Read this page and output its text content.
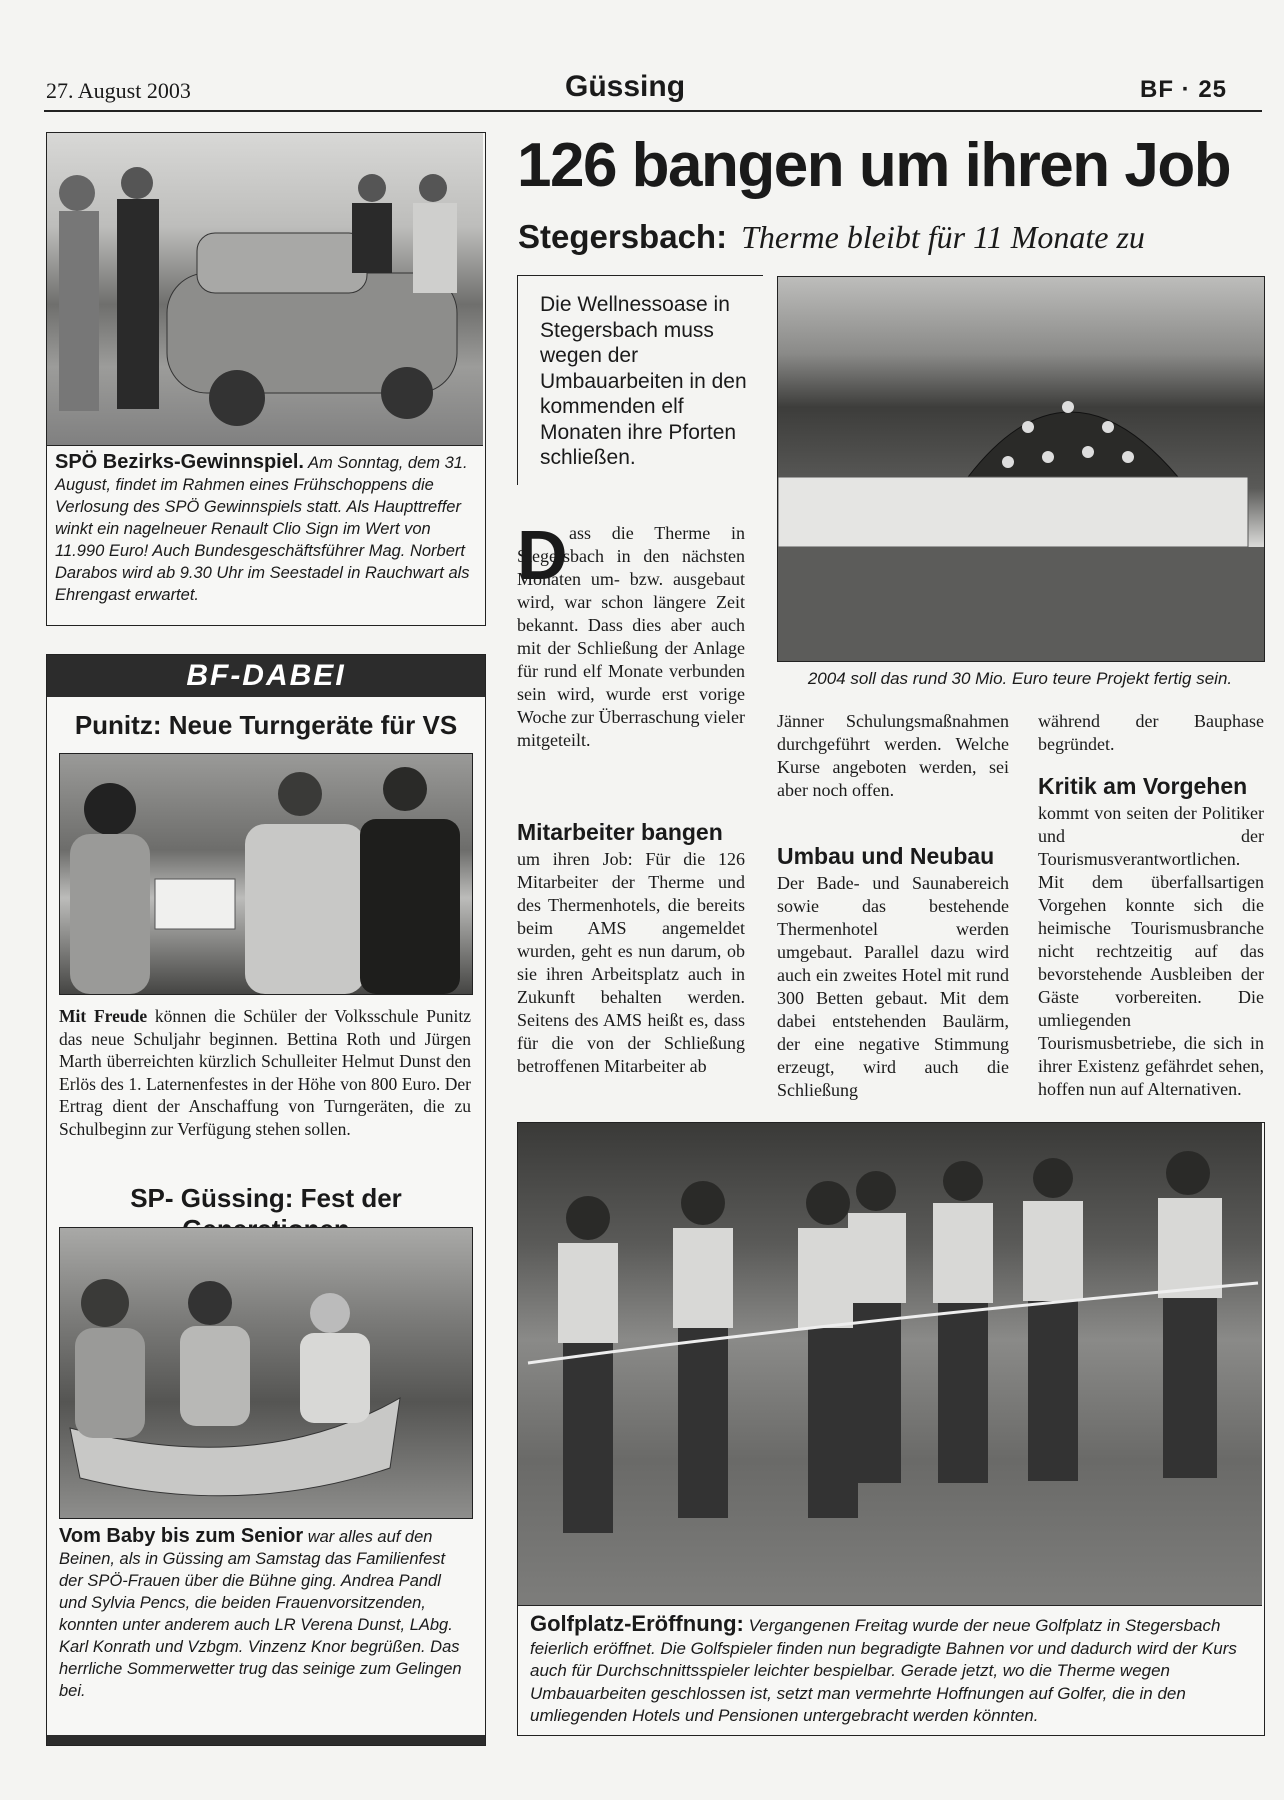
27. August 2003	Güssing	BF · 25

SPÖ Bezirks-Gewinnspiel. Am Sonntag, dem 31. August, findet im Rahmen eines Frühschoppens die Verlosung des SPÖ Gewinnspiels statt. Als Haupttreffer winkt ein nagelneuer Renault Clio Sign im Wert von 11.990 Euro! Auch Bundesgeschäftsführer Mag. Norbert Darabos wird ab 9.30 Uhr im Seestadel in Rauchwart als Ehrengast erwartet.

BF-DABEI
Punitz: Neue Turngeräte für VS

Mit Freude können die Schüler der Volksschule Punitz das neue Schuljahr beginnen. Bettina Roth und Jürgen Marth überreichten kürzlich Schulleiter Helmut Dunst den Erlös des 1. Laternenfestes in der Höhe von 800 Euro. Der Ertrag dient der Anschaffung von Turngeräten, die zu Schulbeginn zur Verfügung stehen sollen.

SP- Güssing: Fest der

Vom Baby bis zum Senior war alles auf den Beinen, als in Güssing am Samstag das Familienfest der SPÖ-Frauen über die Bühne ging. Andrea Pandl und Sylvia Pencs, die beiden Frauenvorsitzenden, konnten unter anderem auch LR Verena Dunst, LAbg. Karl Konrath und Vzbgm. Vinzenz Knor begrüßen. Das herrliche Sommerwetter trug das seinige zum Gelingen bei.

126 bangen um ihren Job
Stegersbach: Therme bleibt für 11 Monate zu

Die Wellnessoase in Stegersbach muss wegen der Umbauarbeiten in den kommenden elf Monaten ihre Pforten schließen.

2004 soll das rund 30 Mio. Euro teure Projekt fertig sein.

D ass die Therme in Stegersbach in den nächsten Monaten um- bzw. ausgebaut wird, war schon längere Zeit bekannt. Dass dies aber auch mit der Schließung der Anlage für rund elf Monate verbunden sein wird, wurde erst vorige Woche zur Überraschung vieler mitgeteilt.

Mitarbeiter bangen

um ihren Job: Für die 126 Mitarbeiter der Therme und des Thermenhotels, die bereits beim AMS angemeldet wurden, geht es nun darum, ob sie ihren Arbeitsplatz auch in Zukunft behalten werden. Seitens des AMS heißt es, dass für die von der Schließung betroffenen Mitarbeiter ab

Jänner Schulungsmaßnahmen durchgeführt werden. Welche Kurse angeboten werden, sei aber noch offen.

Umbau und Neubau

Der Bade- und Saunabereich sowie das bestehende Thermenhotel werden umgebaut. Parallel dazu wird auch ein zweites Hotel mit rund 300 Betten gebaut. Mit dem dabei entstehenden Baulärm, der eine negative Stimmung erzeugt, wird auch die Schließung

während der Bauphase begründet.

Kritik am Vorgehen

kommt von seiten der Politiker und der Tourismusverantwortlichen. Mit dem überfallsartigen Vorgehen konnte sich die heimische Tourismusbranche nicht rechtzeitig auf das bevorstehende Ausbleiben der Gäste vorbereiten. Die umliegenden Tourismusbetriebe, die sich in ihrer Existenz gefährdet sehen, hoffen nun auf Alternativen.

Golfplatz-Eröffnung: Vergangenen Freitag wurde der neue Golfplatz in Stegersbach feierlich eröffnet. Die Golfspieler finden nun begradigte Bahnen vor und dadurch wird der Kurs auch für Durchschnittsspieler leichter bespielbar. Gerade jetzt, wo die Therme wegen Umbauarbeiten geschlossen ist, setzt man vermehrte Hoffnungen auf Golfer, die in den umliegenden Hotels und Pensionen untergebracht werden könnten.
